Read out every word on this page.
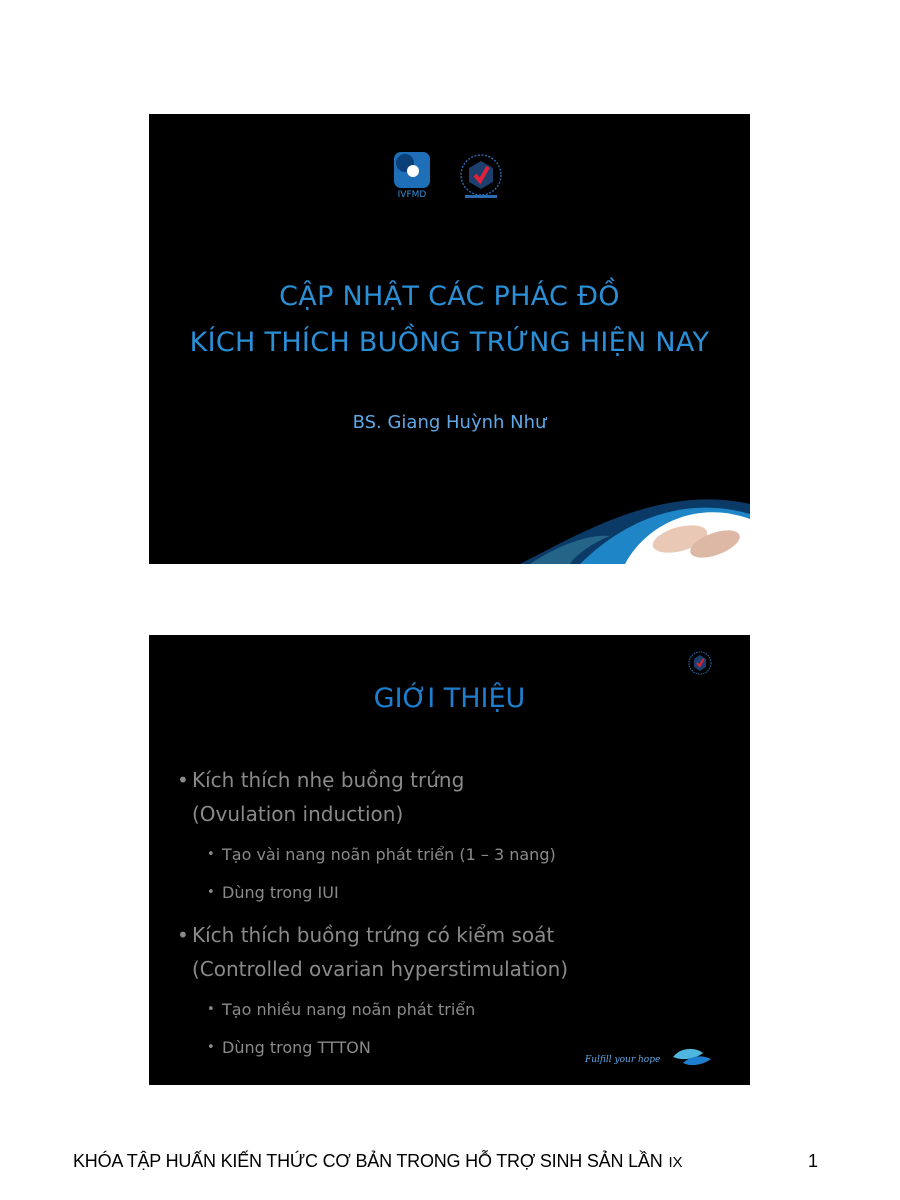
IVFMD
CẬP NHẬT CÁC PHÁC ĐỒ
KÍCH THÍCH BUỒNG TRỨNG HIỆN NAY
BS. Giang Huỳnh Như
GIỚI THIỆU
• Kích thích nhẹ buồng trứng
(Ovulation induction)
• Tạo vài nang noãn phát triển (1 – 3 nang)
• Dùng trong IUI
• Kích thích buồng trứng có kiểm soát
(Controlled ovarian hyperstimulation)
• Tạo nhiều nang noãn phát triển
• Dùng trong TTTON
Fulfill your hope
KHÓA TẬP HUẤN KIẾN THỨC CƠ BẢN TRONG HỖ TRỢ SINH SẢN LẦN IX	1
